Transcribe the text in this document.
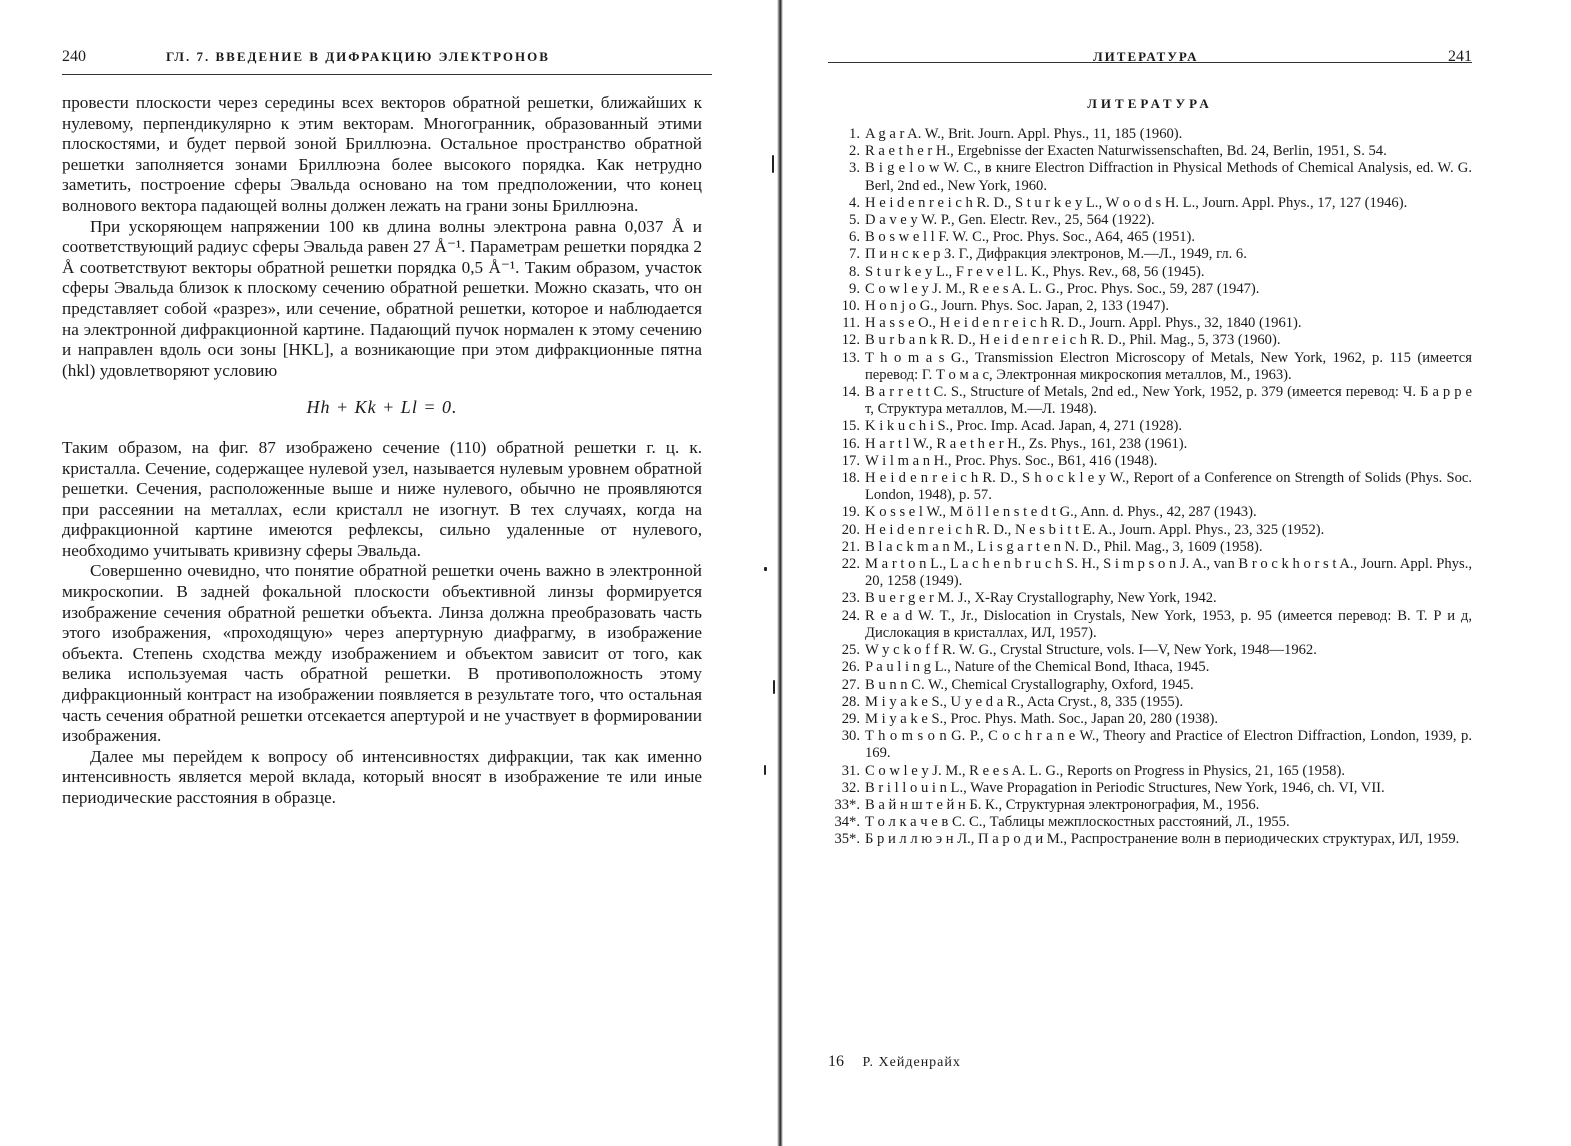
240	ГЛ. 7. ВВЕДЕНИЕ В ДИФРАКЦИЮ ЭЛЕКТРОНОВ

провести плоскости через середины всех векторов обратной решетки, ближайших к нулевому, перпендикулярно к этим векторам. Многогранник, образованный этими плоскостями, и будет первой зоной Бриллюэна. Остальное пространство обратной решетки заполняется зонами Бриллюэна более высокого порядка. Как нетрудно заметить, построение сферы Эвальда основано на том предположении, что конец волнового вектора падающей волны должен лежать на грани зоны Бриллюэна.

При ускоряющем напряжении 100 кв длина волны электрона равна 0,037 Å и соответствующий радиус сферы Эвальда равен 27 Å⁻¹. Параметрам решетки порядка 2 Å соответствуют векторы обратной решетки порядка 0,5 Å⁻¹. Таким образом, участок сферы Эвальда близок к плоскому сечению обратной решетки. Можно сказать, что он представляет собой «разрез», или сечение, обратной решетки, которое и наблюдается на электронной дифракционной картине. Падающий пучок нормален к этому сечению и направлен вдоль оси зоны [HKL], а возникающие при этом дифракционные пятна (hkl) удовлетворяют условию

Hh + Kk + Ll = 0.

Таким образом, на фиг. 87 изображено сечение (110) обратной решетки г. ц. к. кристалла. Сечение, содержащее нулевой узел, называется нулевым уровнем обратной решетки. Сечения, расположенные выше и ниже нулевого, обычно не проявляются при рассеянии на металлах, если кристалл не изогнут. В тех случаях, когда на дифракционной картине имеются рефлексы, сильно удаленные от нулевого, необходимо учитывать кривизну сферы Эвальда.

Совершенно очевидно, что понятие обратной решетки очень важно в электронной микроскопии. В задней фокальной плоскости объективной линзы формируется изображение сечения обратной решетки объекта. Линза должна преобразовать часть этого изображения, «проходящую» через апертурную диафрагму, в изображение объекта. Степень сходства между изображением и объектом зависит от того, как велика используемая часть обратной решетки. В противоположность этому дифракционный контраст на изображении появляется в результате того, что остальная часть сечения обратной решетки отсекается апертурой и не участвует в формировании изображения.

Далее мы перейдем к вопросу об интенсивностях дифракции, так как именно интенсивность является мерой вклада, который вносят в изображение те или иные периодические расстояния в образце.

ЛИТЕРАТУРА	241
ЛИТЕРАТУРА
1. A g a r A. W., Brit. Journ. Appl. Phys., 11, 185 (1960).
2. R a e t h e r H., Ergebnisse der Exacten Naturwissenschaften, Bd. 24, Berlin, 1951, S. 54.
3. B i g e l o w W. C., в книге Electron Diffraction in Physical Methods of Chemical Analysis, ed. W. G. Berl, 2nd ed., New York, 1960.
4. H e i d e n r e i c h R. D., S t u r k e y L., W o o d s H. L., Journ. Appl. Phys., 17, 127 (1946).
5. D a v e y W. P., Gen. Electr. Rev., 25, 564 (1922).
6. B o s w e l l F. W. C., Proc. Phys. Soc., A64, 465 (1951).
7. П и н с к е р З. Г., Дифракция электронов, М.—Л., 1949, гл. 6.
8. S t u r k e y L., F r e v e l L. K., Phys. Rev., 68, 56 (1945).
9. C o w l e y J. M., R e e s A. L. G., Proc. Phys. Soc., 59, 287 (1947).
10. H o n j o G., Journ. Phys. Soc. Japan, 2, 133 (1947).
11. H a s s e O., H e i d e n r e i c h R. D., Journ. Appl. Phys., 32, 1840 (1961).
12. B u r b a n k R. D., H e i d e n r e i c h R. D., Phil. Mag., 5, 373 (1960).
13. T h o m a s G., Transmission Electron Microscopy of Metals, New York, 1962, p. 115 (имеется перевод: Г. Т о м а с, Электронная микроскопия металлов, М., 1963).
14. B a r r e t t C. S., Structure of Metals, 2nd ed., New York, 1952, p. 379 (имеется перевод: Ч. Б а р р е т, Структура металлов, М.—Л. 1948).
15. K i k u c h i S., Proc. Imp. Acad. Japan, 4, 271 (1928).
16. H a r t l W., R a e t h e r H., Zs. Phys., 161, 238 (1961).
17. W i l m a n H., Proc. Phys. Soc., B61, 416 (1948).
18. H e i d e n r e i c h R. D., S h o c k l e y W., Report of a Conference on Strength of Solids (Phys. Soc. London, 1948), p. 57.
19. K o s s e l W., M ö l l e n s t e d t G., Ann. d. Phys., 42, 287 (1943).
20. H e i d e n r e i c h R. D., N e s b i t t E. A., Journ. Appl. Phys., 23, 325 (1952).
21. B l a c k m a n M., L i s g a r t e n N. D., Phil. Mag., 3, 1609 (1958).
22. M a r t o n L., L a c h e n b r u c h S. H., S i m p s o n J. A., van B r o c k h o r s t A., Journ. Appl. Phys., 20, 1258 (1949).
23. B u e r g e r M. J., X-Ray Crystallography, New York, 1942.
24. R e a d W. T., Jr., Dislocation in Crystals, New York, 1953, p. 95 (имеется перевод: В. Т. Р и д, Дислокация в кристаллах, ИЛ, 1957).
25. W y c k o f f R. W. G., Crystal Structure, vols. I—V, New York, 1948—1962.
26. P a u l i n g L., Nature of the Chemical Bond, Ithaca, 1945.
27. B u n n C. W., Chemical Crystallography, Oxford, 1945.
28. M i y a k e S., U y e d a R., Acta Cryst., 8, 335 (1955).
29. M i y a k e S., Proc. Phys. Math. Soc., Japan 20, 280 (1938).
30. T h o m s o n G. P., C o c h r a n e W., Theory and Practice of Electron Diffraction, London, 1939, p. 169.
31. C o w l e y J. M., R e e s A. L. G., Reports on Progress in Physics, 21, 165 (1958).
32. B r i l l o u i n L., Wave Propagation in Periodic Structures, New York, 1946, ch. VI, VII.
33*. В а й н ш т е й н Б. К., Структурная электронография, М., 1956.
34*. Т о л к а ч е в С. С., Таблицы межплоскостных расстояний, Л., 1955.
35*. Б р и л л ю э н Л., П а р о д и М., Распространение волн в периодических структурах, ИЛ, 1959.
16 Р. Хейденрайх
